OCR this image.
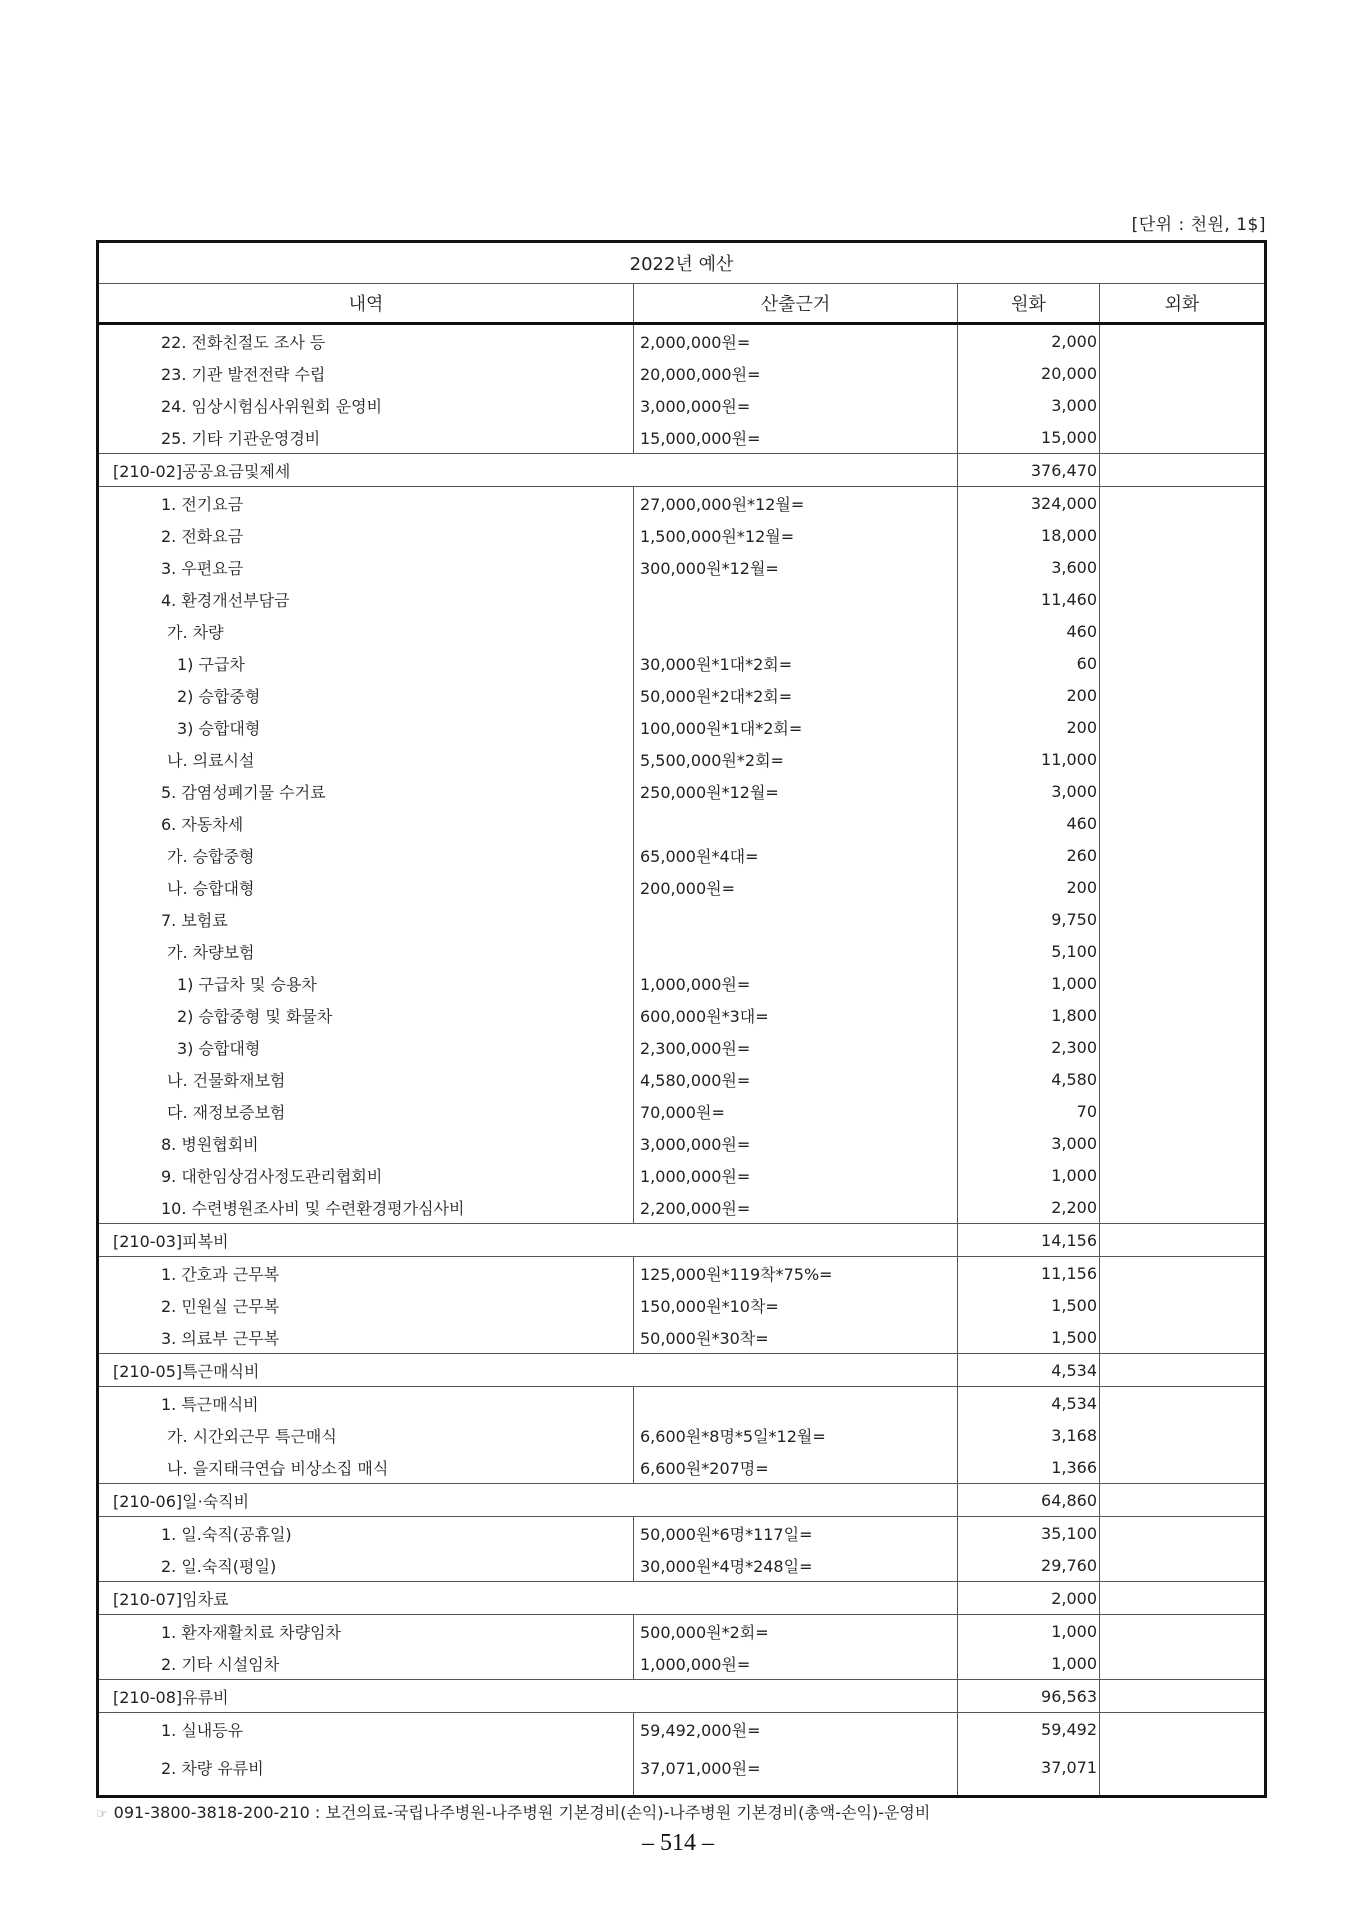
[단위 : 천원, 1$]
2022년 예산			
내역	산출근거	원화	외화
22. 전화친절도 조사 등	2,000,000원=	2,000	
23. 기관 발전전략 수립	20,000,000원=	20,000	
24. 임상시험심사위원회 운영비	3,000,000원=	3,000	
25. 기타 기관운영경비	15,000,000원=	15,000	
[210-02]공공요금및제세		376,470	
1. 전기요금	27,000,000원*12월=	324,000	
2. 전화요금	1,500,000원*12월=	18,000	
3. 우편요금	300,000원*12월=	3,600	
4. 환경개선부담금		11,460	
가. 차량		460	
1) 구급차	30,000원*1대*2회=	60	
2) 승합중형	50,000원*2대*2회=	200	
3) 승합대형	100,000원*1대*2회=	200	
나. 의료시설	5,500,000원*2회=	11,000	
5. 감염성폐기물 수거료	250,000원*12월=	3,000	
6. 자동차세		460	
가. 승합중형	65,000원*4대=	260	
나. 승합대형	200,000원=	200	
7. 보험료		9,750	
가. 차량보험		5,100	
1) 구급차 및 승용차	1,000,000원=	1,000	
2) 승합중형 및 화물차	600,000원*3대=	1,800	
3) 승합대형	2,300,000원=	2,300	
나. 건물화재보험	4,580,000원=	4,580	
다. 재정보증보험	70,000원=	70	
8. 병원협회비	3,000,000원=	3,000	
9. 대한임상검사정도관리협회비	1,000,000원=	1,000	
10. 수련병원조사비 및 수련환경평가심사비	2,200,000원=	2,200	
[210-03]피복비		14,156	
1. 간호과 근무복	125,000원*119착*75%=	11,156	
2. 민원실 근무복	150,000원*10착=	1,500	
3. 의료부 근무복	50,000원*30착=	1,500	
[210-05]특근매식비		4,534	
1. 특근매식비		4,534	
가. 시간외근무 특근매식	6,600원*8명*5일*12월=	3,168	
나. 을지태극연습 비상소집 매식	6,600원*207명=	1,366	
[210-06]일·숙직비		64,860	
1. 일.숙직(공휴일)	50,000원*6명*117일=	35,100	
2. 일.숙직(평일)	30,000원*4명*248일=	29,760	
[210-07]임차료		2,000	
1. 환자재활치료 차량임차	500,000원*2회=	1,000	
2. 기타 시설임차	1,000,000원=	1,000	
[210-08]유류비		96,563	
1. 실내등유	59,492,000원=	59,492	
2. 차량 유류비	37,071,000원=	37,071	
☞ 091-3800-3818-200-210 : 보건의료-국립나주병원-나주병원 기본경비(손익)-나주병원 기본경비(총액-손익)-운영비
– 514 –
